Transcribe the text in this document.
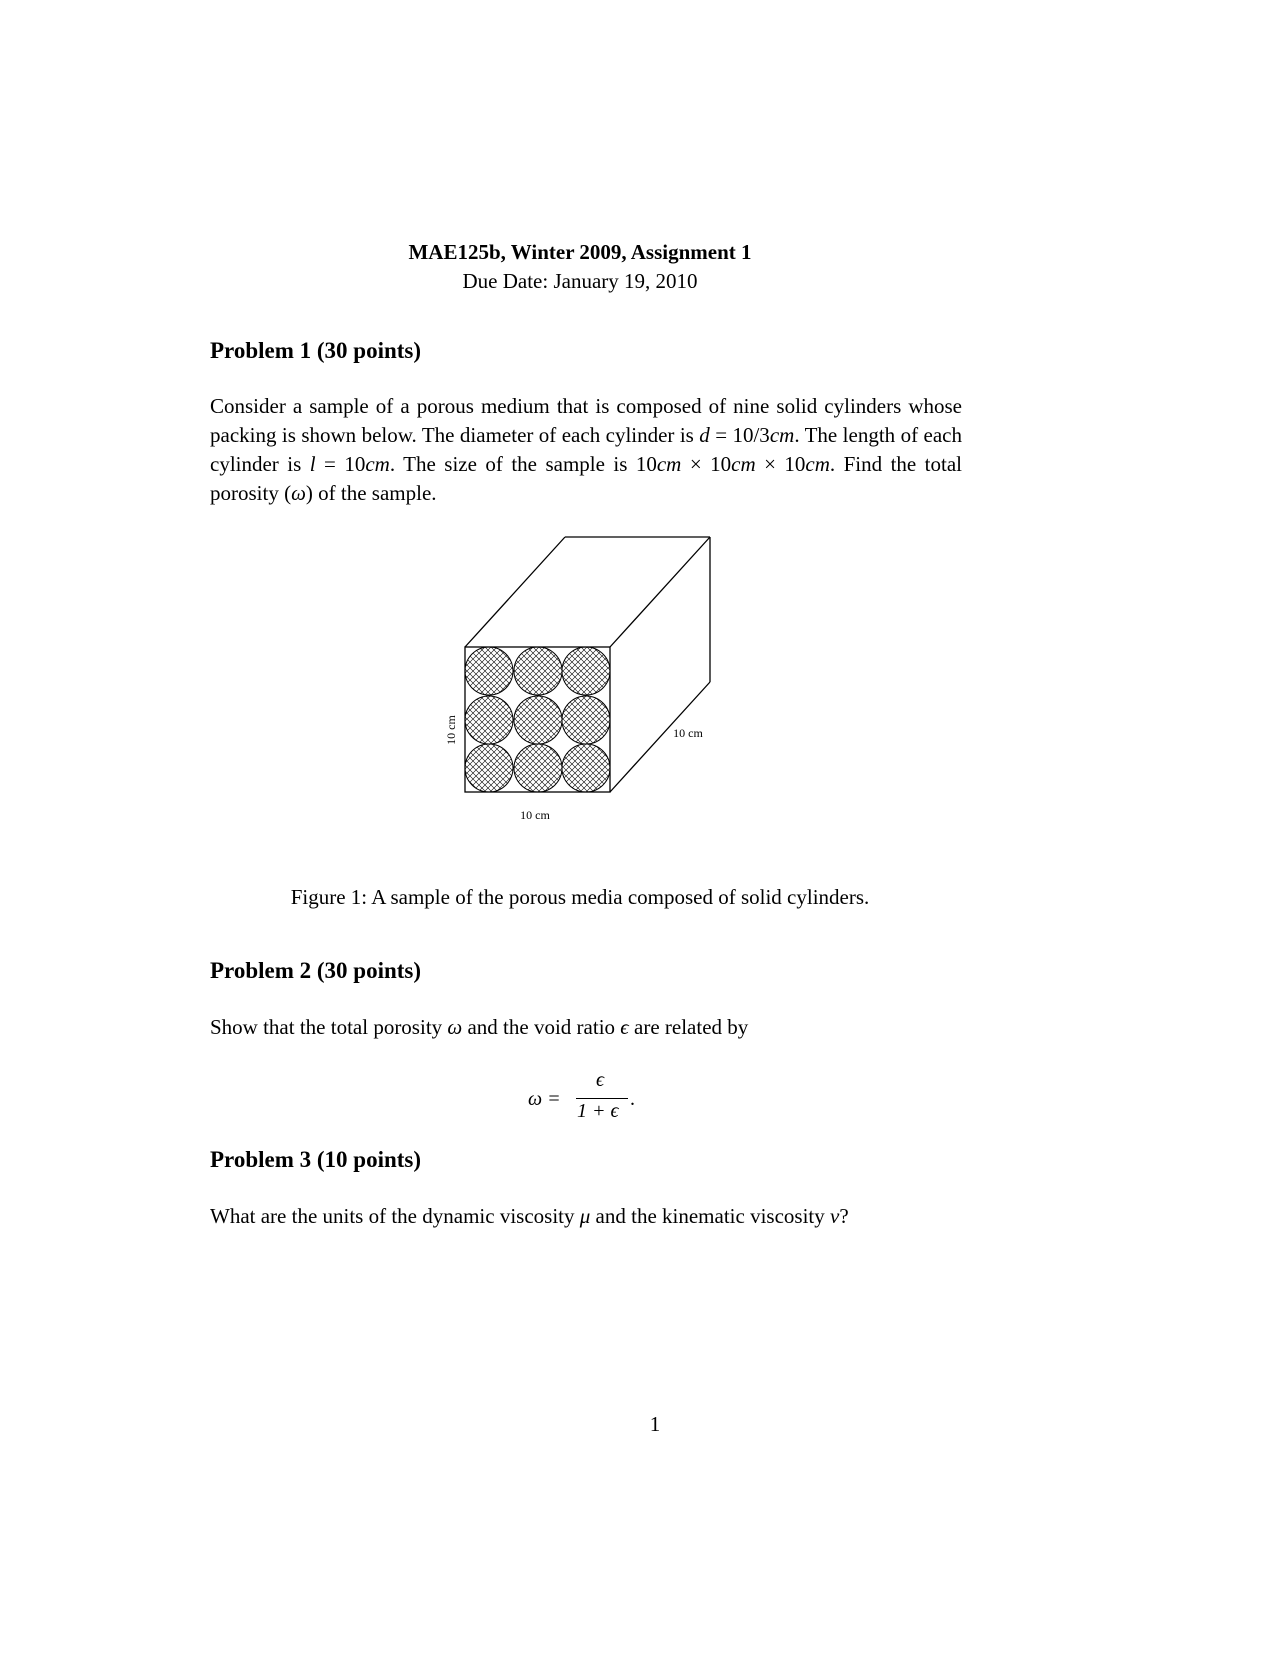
MAE125b, Winter 2009, Assignment 1
Due Date: January 19, 2010
Problem 1 (30 points)
Consider a sample of a porous medium that is composed of nine solid cylinders whose packing is shown below. The diameter of each cylinder is d = 10/3cm. The length of each cylinder is l = 10cm. The size of the sample is 10cm × 10cm × 10cm. Find the total porosity (ω) of the sample.
10 cm
10 cm
10 cm
Figure 1: A sample of the porous media composed of solid cylinders.
Problem 2 (30 points)
Show that the total porosity ω and the void ratio ϵ are related by
ω =
ϵ
1 + ϵ
.
Problem 3 (10 points)
What are the units of the dynamic viscosity μ and the kinematic viscosity ν?
1
